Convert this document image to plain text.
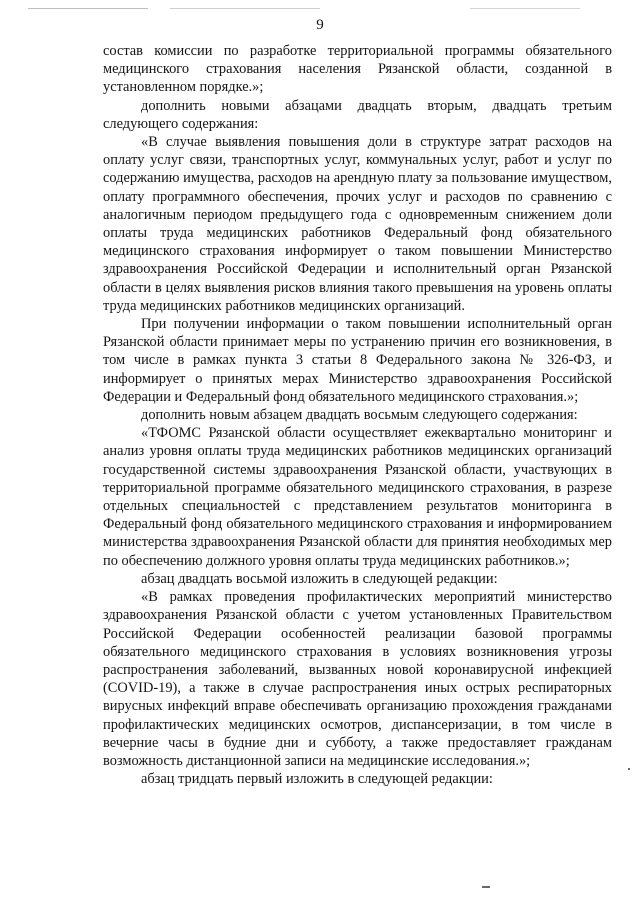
9

состав комиссии по разработке территориальной программы обязательного медицинского страхования населения Рязанской области, созданной в установленном порядке.»;

дополнить новыми абзацами двадцать вторым, двадцать третьим следующего содержания:

«В случае выявления повышения доли в структуре затрат расходов на оплату услуг связи, транспортных услуг, коммунальных услуг, работ и услуг по содержанию имущества, расходов на арендную плату за пользование имуществом, оплату программного обеспечения, прочих услуг и расходов по сравнению с аналогичным периодом предыдущего года с одновременным снижением доли оплаты труда медицинских работников Федеральный фонд обязательного медицинского страхования информирует о таком повышении Министерство здравоохранения Российской Федерации и исполнительный орган Рязанской области в целях выявления рисков влияния такого превышения на уровень оплаты труда медицинских работников медицинских организаций.

При получении информации о таком повышении исполнительный орган Рязанской области принимает меры по устранению причин его возникновения, в том числе в рамках пункта 3 статьи 8 Федерального закона № 326-ФЗ, и информирует о принятых мерах Министерство здравоохранения Российской Федерации и Федеральный фонд обязательного медицинского страхования.»;

дополнить новым абзацем двадцать восьмым следующего содержания:

«ТФОМС Рязанской области осуществляет ежеквартально мониторинг и анализ уровня оплаты труда медицинских работников медицинских организаций государственной системы здравоохранения Рязанской области, участвующих в территориальной программе обязательного медицинского страхования, в разрезе отдельных специальностей с представлением результатов мониторинга в Федеральный фонд обязательного медицинского страхования и информированием министерства здравоохранения Рязанской области для принятия необходимых мер по обеспечению должного уровня оплаты труда медицинских работников.»;

абзац двадцать восьмой изложить в следующей редакции:

«В рамках проведения профилактических мероприятий министерство здравоохранения Рязанской области с учетом установленных Правительством Российской Федерации особенностей реализации базовой программы обязательного медицинского страхования в условиях возникновения угрозы распространения заболеваний, вызванных новой коронавирусной инфекцией (COVID-19), а также в случае распространения иных острых респираторных вирусных инфекций вправе обеспечивать организацию прохождения гражданами профилактических медицинских осмотров, диспансеризации, в том числе в вечерние часы в будние дни и субботу, а также предоставляет гражданам возможность дистанционной записи на медицинские исследования.»;

абзац тридцать первый изложить в следующей редакции:
